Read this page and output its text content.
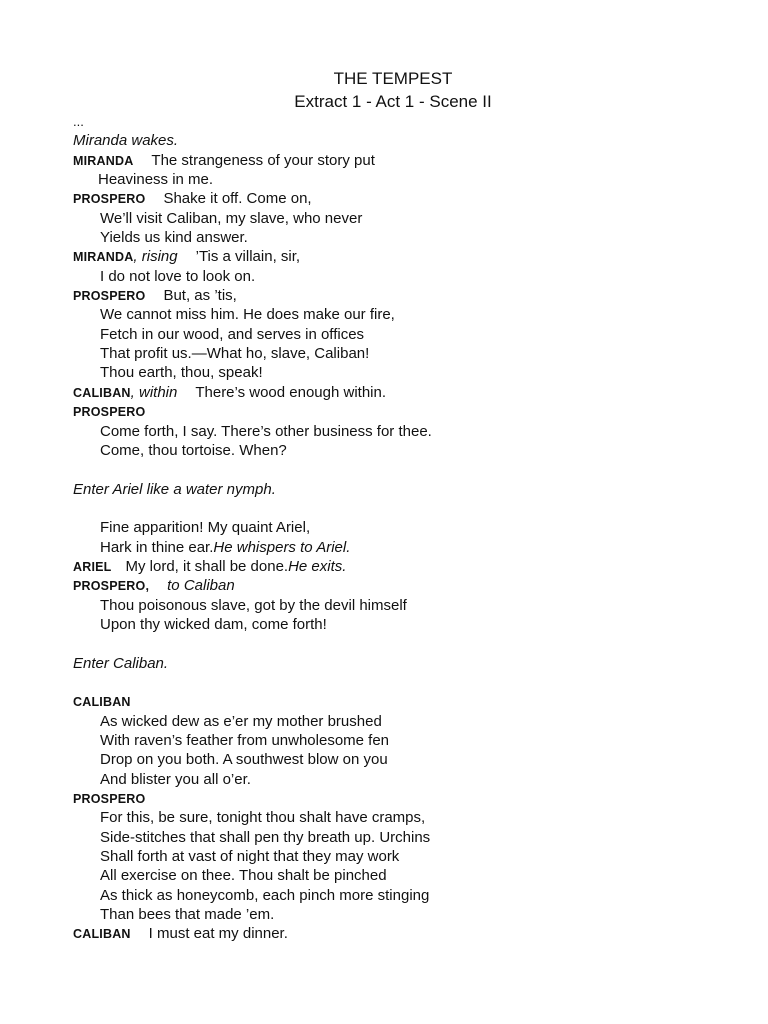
THE TEMPEST
Extract 1 - Act 1 - Scene II
...
Miranda wakes.
MIRANDA The strangeness of your story put
Heaviness in me.
PROSPERO Shake it off. Come on,
We’ll visit Caliban, my slave, who never
Yields us kind answer.
MIRANDA, rising ’Tis a villain, sir,
I do not love to look on.
PROSPERO But, as ’tis,
We cannot miss him. He does make our fire,
Fetch in our wood, and serves in offices
That profit us.—What ho, slave, Caliban!
Thou earth, thou, speak!
CALIBAN, within There’s wood enough within.
PROSPERO
Come forth, I say. There’s other business for thee.
Come, thou tortoise. When?
Enter Ariel like a water nymph.
Fine apparition! My quaint Ariel,
Hark in thine ear.He whispers to Ariel.
ARIEL My lord, it shall be done.He exits.
PROSPERO, to Caliban
Thou poisonous slave, got by the devil himself
Upon thy wicked dam, come forth!
Enter Caliban.
CALIBAN
As wicked dew as e’er my mother brushed
With raven’s feather from unwholesome fen
Drop on you both. A southwest blow on you
And blister you all o’er.
PROSPERO
For this, be sure, tonight thou shalt have cramps,
Side-stitches that shall pen thy breath up. Urchins
Shall forth at vast of night that they may work
All exercise on thee. Thou shalt be pinched
As thick as honeycomb, each pinch more stinging
Than bees that made ’em.
CALIBAN I must eat my dinner.
